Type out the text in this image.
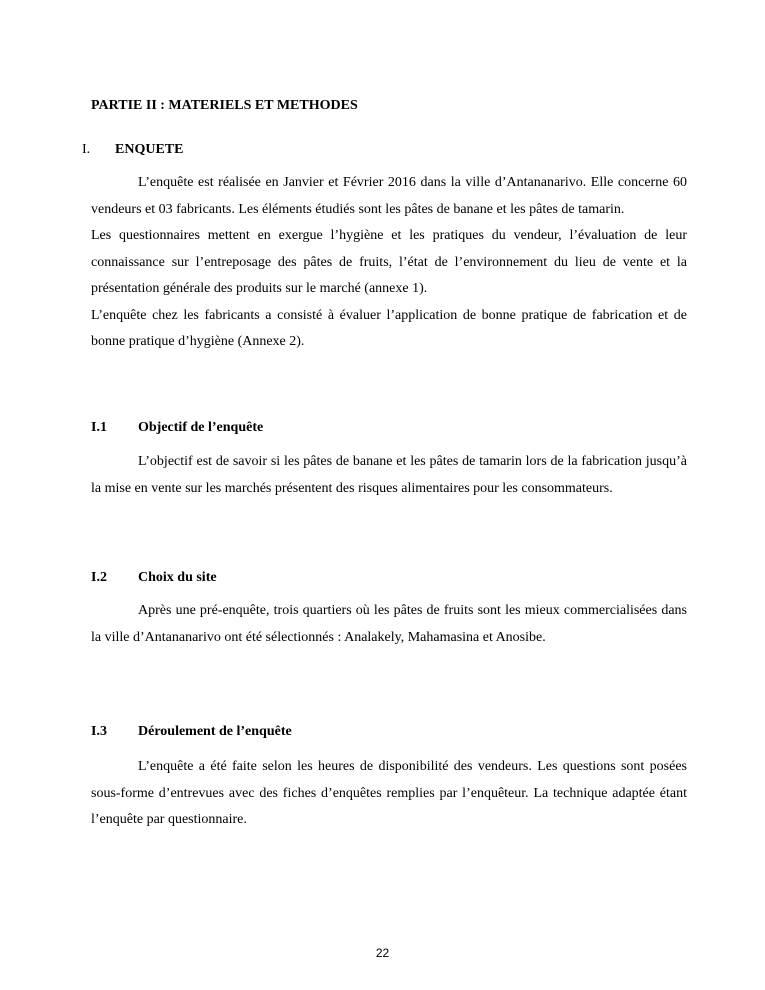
PARTIE II : MATERIELS ET METHODES
I. ENQUETE

L’enquête est réalisée en Janvier et Février 2016 dans la ville d’Antananarivo. Elle concerne 60 vendeurs et 03 fabricants. Les éléments étudiés sont les pâtes de banane et les pâtes de tamarin.

Les questionnaires mettent en exergue l’hygiène et les pratiques du vendeur, l’évaluation de leur connaissance sur l’entreposage des pâtes de fruits, l’état de l’environnement du lieu de vente et la présentation générale des produits sur le marché (annexe 1).

L’enquête chez les fabricants a consisté à évaluer l’application de bonne pratique de fabrication et de bonne pratique d’hygiène (Annexe 2).

I.1 Objectif de l’enquête

L’objectif est de savoir si les pâtes de banane et les pâtes de tamarin lors de la fabrication jusqu’à la mise en vente sur les marchés présentent des risques alimentaires pour les consommateurs.

I.2 Choix du site

Après une pré-enquête, trois quartiers où les pâtes de fruits sont les mieux commercialisées dans la ville d’Antananarivo ont été sélectionnés : Analakely, Mahamasina et Anosibe.

I.3 Déroulement de l’enquête

L’enquête a été faite selon les heures de disponibilité des vendeurs. Les questions sont posées sous-forme d’entrevues avec des fiches d’enquêtes remplies par l’enquêteur. La technique adaptée étant l’enquête par questionnaire.

22
